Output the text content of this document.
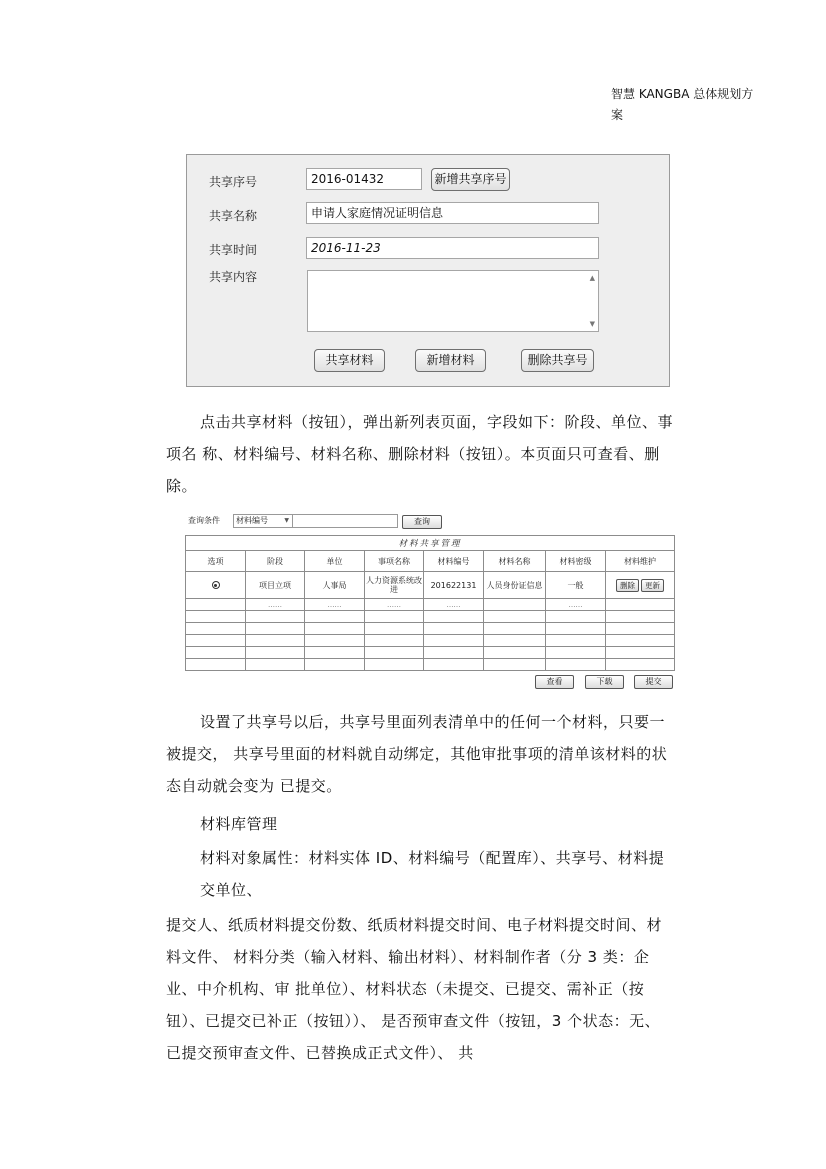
智慧 KANGBA 总体规划方案
共享序号	2016-01432	新增共享序号
共享名称	申请人家庭情况证明信息
共享时间	2016-11-23
共享内容	▲
▼
共享材料	新增材料	删除共享号
点击共享材料（按钮），弹出新列表页面，字段如下：阶段、单位、事项名 称、材料编号、材料名称、删除材料（按钮）。本页面只可查看、删除。
查询条件	材料编号	▼	查询
材料共享管理							
选项	阶段	单位	事项名称	材料编号	材料名称	材料密级	材料维护
	项目立项	人事局	人力资源系统改进	201622131	人员身份证信息	一般	删除 更新
	……	……	……	……		……	

查看	下载	提交
设置了共享号以后，共享号里面列表清单中的任何一个材料，只要一被提交， 共享号里面的材料就自动绑定，其他审批事项的清单该材料的状态自动就会变为 已提交。
材料库管理
材料对象属性：材料实体 ID、材料编号（配置库）、共享号、材料提交单位、
提交人、纸质材料提交份数、纸质材料提交时间、电子材料提交时间、材料文件、 材料分类（输入材料、输出材料）、材料制作者（分 3 类：企业、中介机构、审 批单位）、材料状态（未提交、已提交、需补正（按钮）、已提交已补正（按钮））、 是否预审查文件（按钮，3 个状态：无、已提交预审查文件、已替换成正式文件）、 共
